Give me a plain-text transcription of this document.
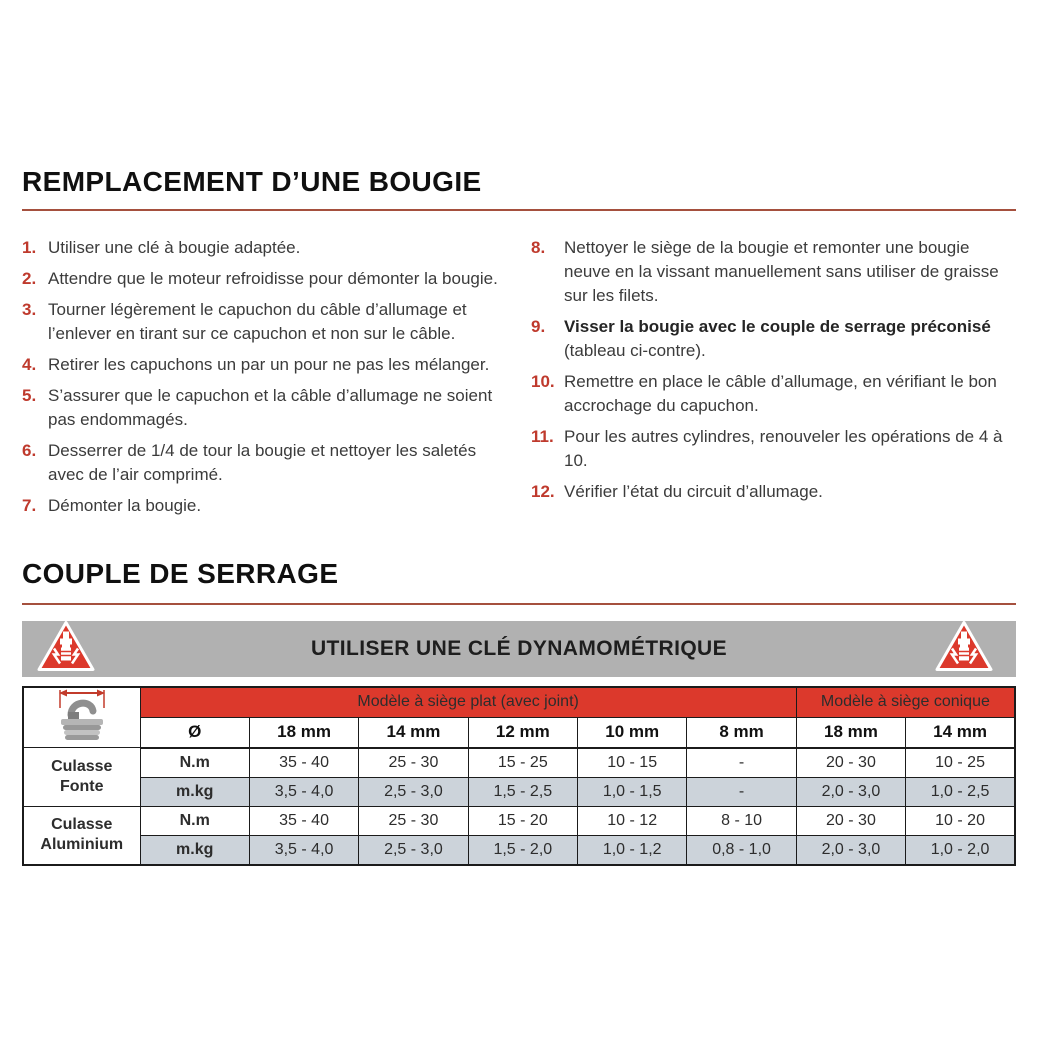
REMPLACEMENT D’UNE BOUGIE
1. Utiliser une clé à bougie adaptée.
2. Attendre que le moteur refroidisse pour démonter la bougie.
3. Tourner légèrement le capuchon du câble d’allumage et l’enlever en tirant sur ce capuchon et non sur le câble.
4. Retirer les capuchons un par un pour ne pas les mélanger.
5. S’assurer que le capuchon et la câble d’allumage ne soient pas endommagés.
6. Desserrer de 1/4 de tour la bougie et nettoyer les saletés avec de l’air comprimé.
7. Démonter la bougie.
8.	Nettoyer le siège de la bougie et remonter une bougie neuve en la vissant manuellement sans utiliser de graisse sur les filets.
9.	Visser la bougie avec le couple de serrage préconisé (tableau ci-contre).
10. Remettre en place le câble d’allumage, en vérifiant le bon accrochage du capuchon.
11. Pour les autres cylindres, renouveler les opérations de 4 à 10.
12. Vérifier l’état du circuit d’allumage.
COUPLE DE SERRAGE
UTILISER UNE CLÉ DYNAMOMÉTRIQUE
	Modèle à siège plat (avec joint)						Modèle à siège conique	
	Ø	18 mm	14 mm	12 mm	10 mm	8 mm	18 mm	14 mm
Culasse
Fonte	N.m	35 - 40	25 - 30	15 - 25	10 - 15	-	20 - 30	10 - 25
	m.kg	3,5 - 4,0	2,5 - 3,0	1,5 - 2,5	1,0 - 1,5	-	2,0 - 3,0	1,0 - 2,5
Culasse
Aluminium	N.m	35 - 40	25 - 30	15 - 20	10 - 12	8 - 10	20 - 30	10 - 20
	m.kg	3,5 - 4,0	2,5 - 3,0	1,5 - 2,0	1,0 - 1,2	0,8 - 1,0	2,0 - 3,0	1,0 - 2,0
